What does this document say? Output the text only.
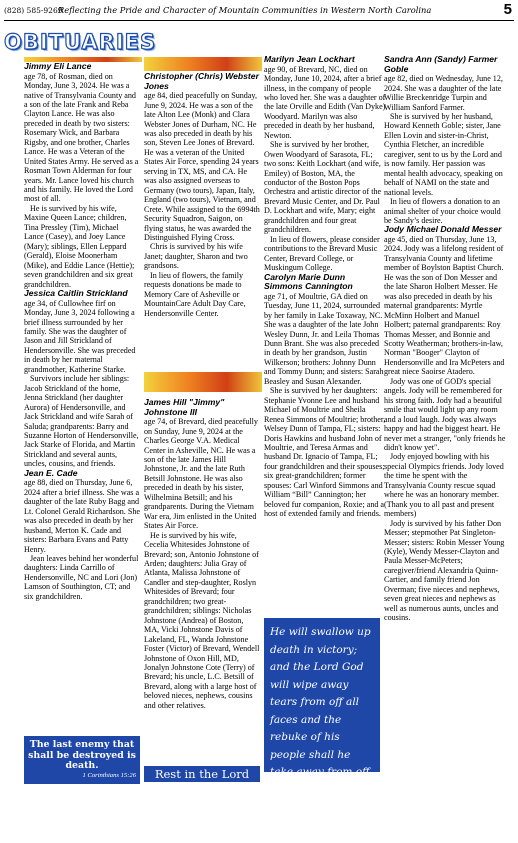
(828) 585-9269
Reflecting the Pride and Character of Mountain Communities in Western North Carolina	5
OBITUARIES
Jimmy Eli Lance

age 78, of Rosman, died on Monday, June 3, 2024. He was a native of Transylvania County and a son of the late Frank and Reba Clayton Lance. He was also preceded in death by two sisters: Rosemary Wick, and Barbara Rigsby, and one brother, Charles Lance. He was a Veteran of the United States Army. He served as a Rosman Town Alderman for four years. Mr. Lance loved his church and his family. He loved the Lord most of all.

He is survived by his wife, Maxine Queen Lance; children, Tina Pressley (Tim), Michael Lance (Casey), and Joey Lance (Mary); siblings, Ellen Leppard (Gerald), Eloise Moonerham (Mike), and Eddie Lance (Hettie); seven grandchildren and six great grandchildren.

Jessica Caitlin Strickland

age 34, of Cullowhee firf on Monday, June 3, 2024 following a brief illness surrounded by her family. She was the daughter of Jason and Jill Strickland of Hendersonville. She was preceded in death by her maternal grandmother, Katherine Starke.

Survivors include her siblings: Jacob Strickland of the home, Jenna Strickland (her daughter Aurora) of Hendersonville, and Jack Strickland and wife Sarah of Saluda; grandparents: Barry and Suzanne Horton of Hendersonville, Jack Starke of Florida, and Martin Strickland and several aunts, uncles, cousins, and friends.

Jean E. Cade

age 88, died on Thursday, June 6, 2024 after a brief illness. She was a daughter of the late Ruby Bagg and Lt. Colonel Gerald Richardson. She was also preceded in death by her husband, Merton K. Cade and sisters: Barbara Evans and Patty Henry.

Jean leaves behind her wonderful daughters: Linda Carrillo of Hendersonville, NC and Lori (Jon) Lamson of Southington, CT; and six grandchildren.

Christopher (Chris) Webster Jones

age 84, died peacefully on Sunday, June 9, 2024. He was a son of the late Alton Lee (Monk) and Clara Webster Jones of Durham, NC. He was also preceded in death by his son, Steven Lee Jones of Brevard. He was a veteran of the United States Air Force, spending 24 years serving in TX, MS, and CA. He was also assigned overseas to Germany (two tours), Japan, Italy, England (two tours), Vietnam, and Crete. While assigned to the 6994th Security Squadron, Saigon, on flying status, he was awarded the Distinguished Flying Cross.

Chris is survived by his wife Janet; daughter, Sharon and two grandsons.

In lieu of flowers, the family requests donations be made to Memory Care of Asheville or MountainCare Adult Day Care, Hendersonville Center.

James Hill "Jimmy" Johnstone III

age 74, of Brevard, died peacefully on Sunday, June 9, 2024 at the Charles George V.A. Medical Center in Asheville, NC. He was a son of the late James Hill Johnstone, Jr. and the late Ruth Betsill Johnstone. He was also preceded in death by his sister, Wilhelmina Betsill; and his grandparents. During the Vietnam War era, Jim enlisted in the United States Air Force.

He is survived by his wife, Cecelia Whitesides Johnstone of Brevard; son, Antonio Johnstone of Arden; daughters: Julia Gray of Atlanta, Malissa Johnstone of Candler and step-daughter, Roslyn Whitesides of Brevard; four grandchildren; two great-grandchildren; siblings: Nicholas Johnstone (Andrea) of Boston, MA, Vicki Johnstone Davis of Lakeland, FL, Wanda Johnstone Foster (Victor) of Brevard, Wendell Johnstone of Oxon Hill, MD, Jonalyn Johnstone Cote (Terry) of Brevard; his uncle, L.C. Betsill of Brevard, along with a large host of beloved nieces, nephews, cousins and other relatives.

Marilyn Jean Lockhart

age 90, of Brevard, NC, died on Monday, June 10, 2024, after a brief illness, in the company of people who loved her. She was a daughter of the late Orville and Edith (Van Dyke) Woodyard. Marilyn was also preceded in death by her husband, Newton.

She is survived by her brother, Owen Woodyard of Sarasota, FL; two sons: Keith Lockhart (and wife, Emiley) of Boston, MA, the conductor of the Boston Pops Orchestra and artistic director of the Brevard Music Center, and Dr. Paul D. Lockhart and wife, Mary; eight grandchildren and four great grandchildren.

In lieu of flowers, please consider contributions to the Brevard Music Center, Brevard College, or Muskingum College.

Carolyn Marie Dunn Simmons Cannington

age 71, of Moultrie, GA died on Tuesday, June 11, 2024, surrounded by her family in Lake Toxaway, NC. She was a daughter of the late John Wesley Dunn, Jr. and Leila Thomas Dunn Brant. She was also preceded in death by her grandson, Justin Wilkerson; brothers: Johnny Dunn and Tommy Dunn; and sisters: Sarah Beasley and Susan Alexander.

She is survived by her daughters: Stephanie Yvonne Lee and husband Michael of Moultrie and Sheila Renea Simmons of Moultrie; brother, Welsey Dunn of Tampa, FL; sisters: Doris Hawkins and husband John of Moultrie, and Teresa Armas and husband Dr. Ignacio of Tampa, FL; four grandchildren and their spouses; six great-grandchildren; former spouses: Carl Winford Simmons and William “Bill” Cannington; her beloved fur companion, Roxie; and a host of extended family and friends.

Sandra Ann (Sandy) Farmer Goble

age 82, died on Wednesday, June 12, 2024. She was a daughter of the late Willie Breckenridge Turpin and William Sanford Farmer.

She is survived by her husband, Howard Kenneth Goble; sister, Jane Ellen Lovin and sister-in-Christ, Cynthia Fletcher, an incredible caregiver, sent to us by the Lord and is now family. Her passion was mental health advocacy, speaking on behalf of NAMI on the state and national levels.

In lieu of flowers a donation to an animal shelter of your choice would be Sandy’s desire.

Jody Michael Donald Messer

age 45, died on Thursday, June 13, 2024. Jody was a lifelong resident of Transylvania County and lifetime member of Boylston Baptist Church. He was the son of Don Messer and the late Sharon Holbert Messer. He was also preceded in death by his maternal grandparents: Myrtle McMinn Holbert and Manuel Holbert; paternal grandparents: Roy Thomas Messer, and Bonnie and Scotty Weatherman; brothers-in-law, Norman "Booger" Clayton of Hendersonville and Ira McPeters and great niece Saoirse Atadero.

Jody was one of GOD's special angels. Jody will be remembered for his strong faith. Jody had a beautiful smile that would light up any room and a loud laugh. Jody was always happy and had the biggest heart. He never met a stranger, "only friends he didn't know yet".

Jody enjoyed bowling with his special Olympics friends. Jody loved the time he spent with the Transylvania County rescue squad where he was an honorary member. (Thank you to all past and present members)

Jody is survived by his father Don Messer; stepmother Pat Singleton-Messer; sisters: Robin Messer Young (Kyle), Wendy Messer-Clayton and Paula Messer-McPeters; caregiver/friend Alexandria Quinn-Cartier, and family friend Jon Overman; five nieces and nephews, seven great nieces and nephews as well as numerous aunts, uncles and cousins.

The last enemy that shall be destroyed is death.
1 Corinthians 15:26	Rest in the Lord
He will swallow up death in victory; and the Lord God will wipe away tears from off all faces and the rebuke of his people shall he take away from off all the earth; for the Lord hath spoken it.
Isaiah 25:8
